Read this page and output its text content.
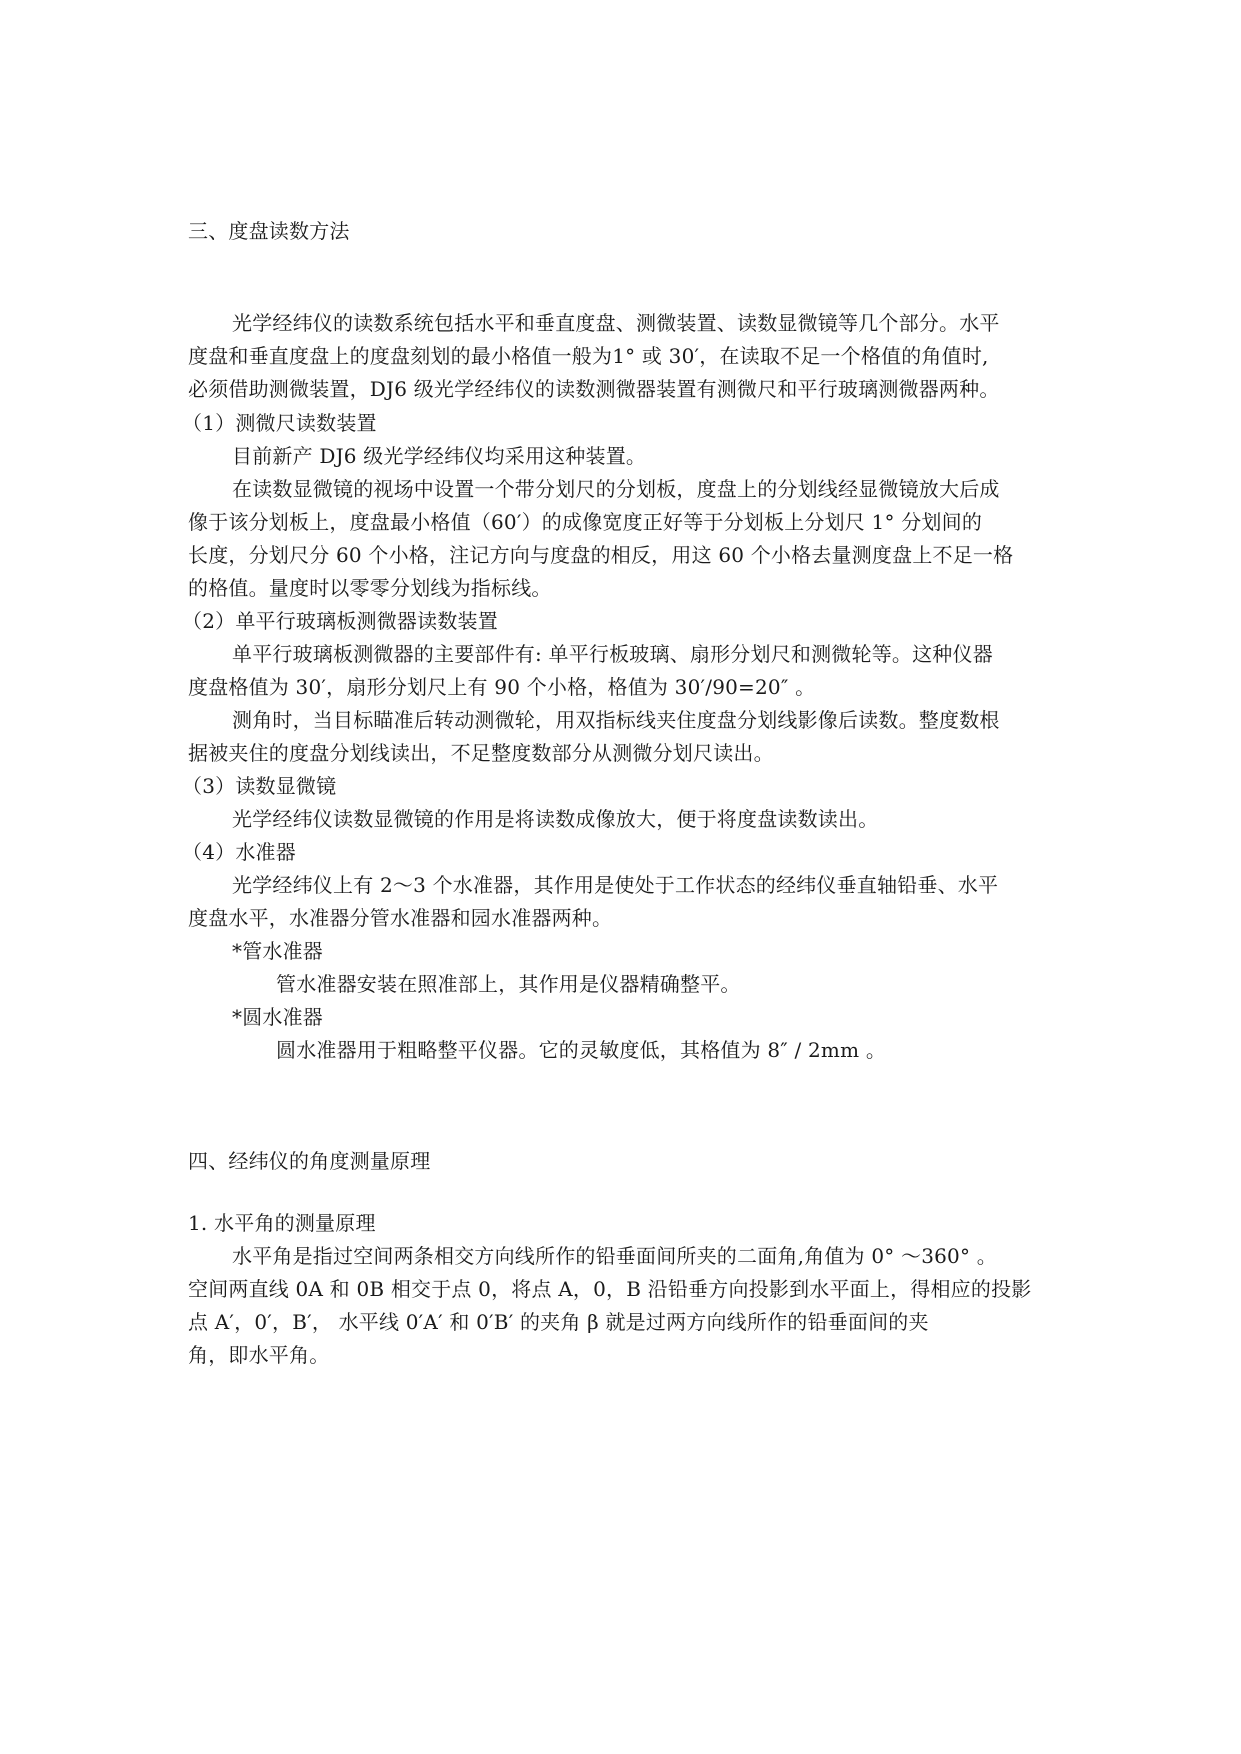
三、度盘读数方法
光学经纬仪的读数系统包括水平和垂直度盘、测微装置、读数显微镜等几个部分。水平
度盘和垂直度盘上的度盘刻划的最小格值一般为1° 或 30′，在读取不足一个格值的角值时,
必须借助测微装置，DJ6 级光学经纬仪的读数测微器装置有测微尺和平行玻璃测微器两种。
（1）测微尺读数装置
目前新产 DJ6 级光学经纬仪均采用这种装置。
在读数显微镜的视场中设置一个带分划尺的分划板，度盘上的分划线经显微镜放大后成
像于该分划板上，度盘最小格值（60′）的成像宽度正好等于分划板上分划尺 1° 分划间的
长度，分划尺分 60 个小格，注记方向与度盘的相反，用这 60 个小格去量测度盘上不足一格
的格值。量度时以零零分划线为指标线。
（2）单平行玻璃板测微器读数装置
单平行玻璃板测微器的主要部件有: 单平行板玻璃、扇形分划尺和测微轮等。这种仪器
度盘格值为 30′，扇形分划尺上有 90 个小格，格值为 30′/90=20″ 。
测角时，当目标瞄准后转动测微轮，用双指标线夹住度盘分划线影像后读数。整度数根
据被夹住的度盘分划线读出，不足整度数部分从测微分划尺读出。
（3）读数显微镜
光学经纬仪读数显微镜的作用是将读数成像放大，便于将度盘读数读出。
（4）水准器
光学经纬仪上有 2～3 个水准器，其作用是使处于工作状态的经纬仪垂直轴铅垂、水平
度盘水平，水准器分管水准器和园水准器两种。
*管水准器
管水准器安装在照准部上，其作用是仪器精确整平。
*圆水准器
圆水准器用于粗略整平仪器。它的灵敏度低，其格值为 8″ / 2mm 。
四、经纬仪的角度测量原理
1. 水平角的测量原理
水平角是指过空间两条相交方向线所作的铅垂面间所夹的二面角,角值为 0° ～360° 。
空间两直线 0A 和 0B 相交于点 0，将点 A，0，B 沿铅垂方向投影到水平面上，得相应的投影
点 A′，0′，B′， 水平线 0′A′ 和 0′B′ 的夹角 β 就是过两方向线所作的铅垂面间的夹
角，即水平角。
